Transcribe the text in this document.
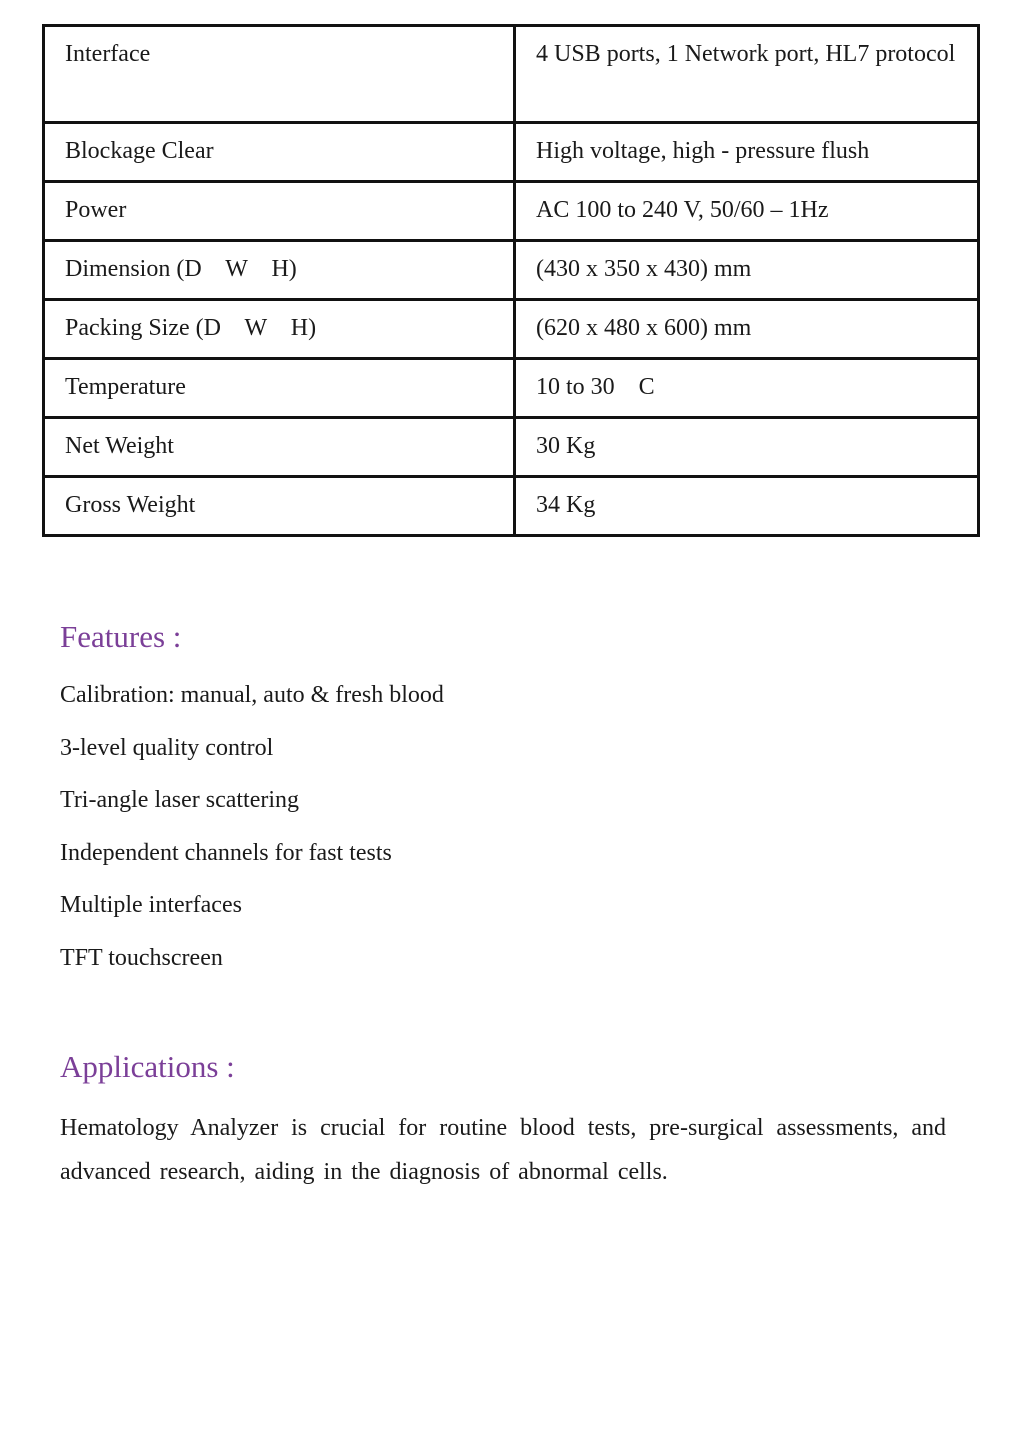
Interface	4 USB ports, 1 Network port, HL7 protocol
Blockage Clear	High voltage, high - pressure flush
Power	AC 100 to 240 V, 50/60 – 1Hz
Dimension (D    W    H)	(430 x 350 x 430) mm
Packing Size (D    W    H)	(620 x 480 x 600) mm
Temperature	10 to 30    C
Net Weight	30 Kg
Gross Weight	34 Kg
Features :
Calibration: manual, auto & fresh blood
3-level quality control
Tri-angle laser scattering
Independent channels for fast tests
Multiple interfaces
TFT touchscreen
Applications :

Hematology Analyzer is crucial for routine blood tests, pre-surgical assessments, and advanced research, aiding in the diagnosis of abnormal cells.
